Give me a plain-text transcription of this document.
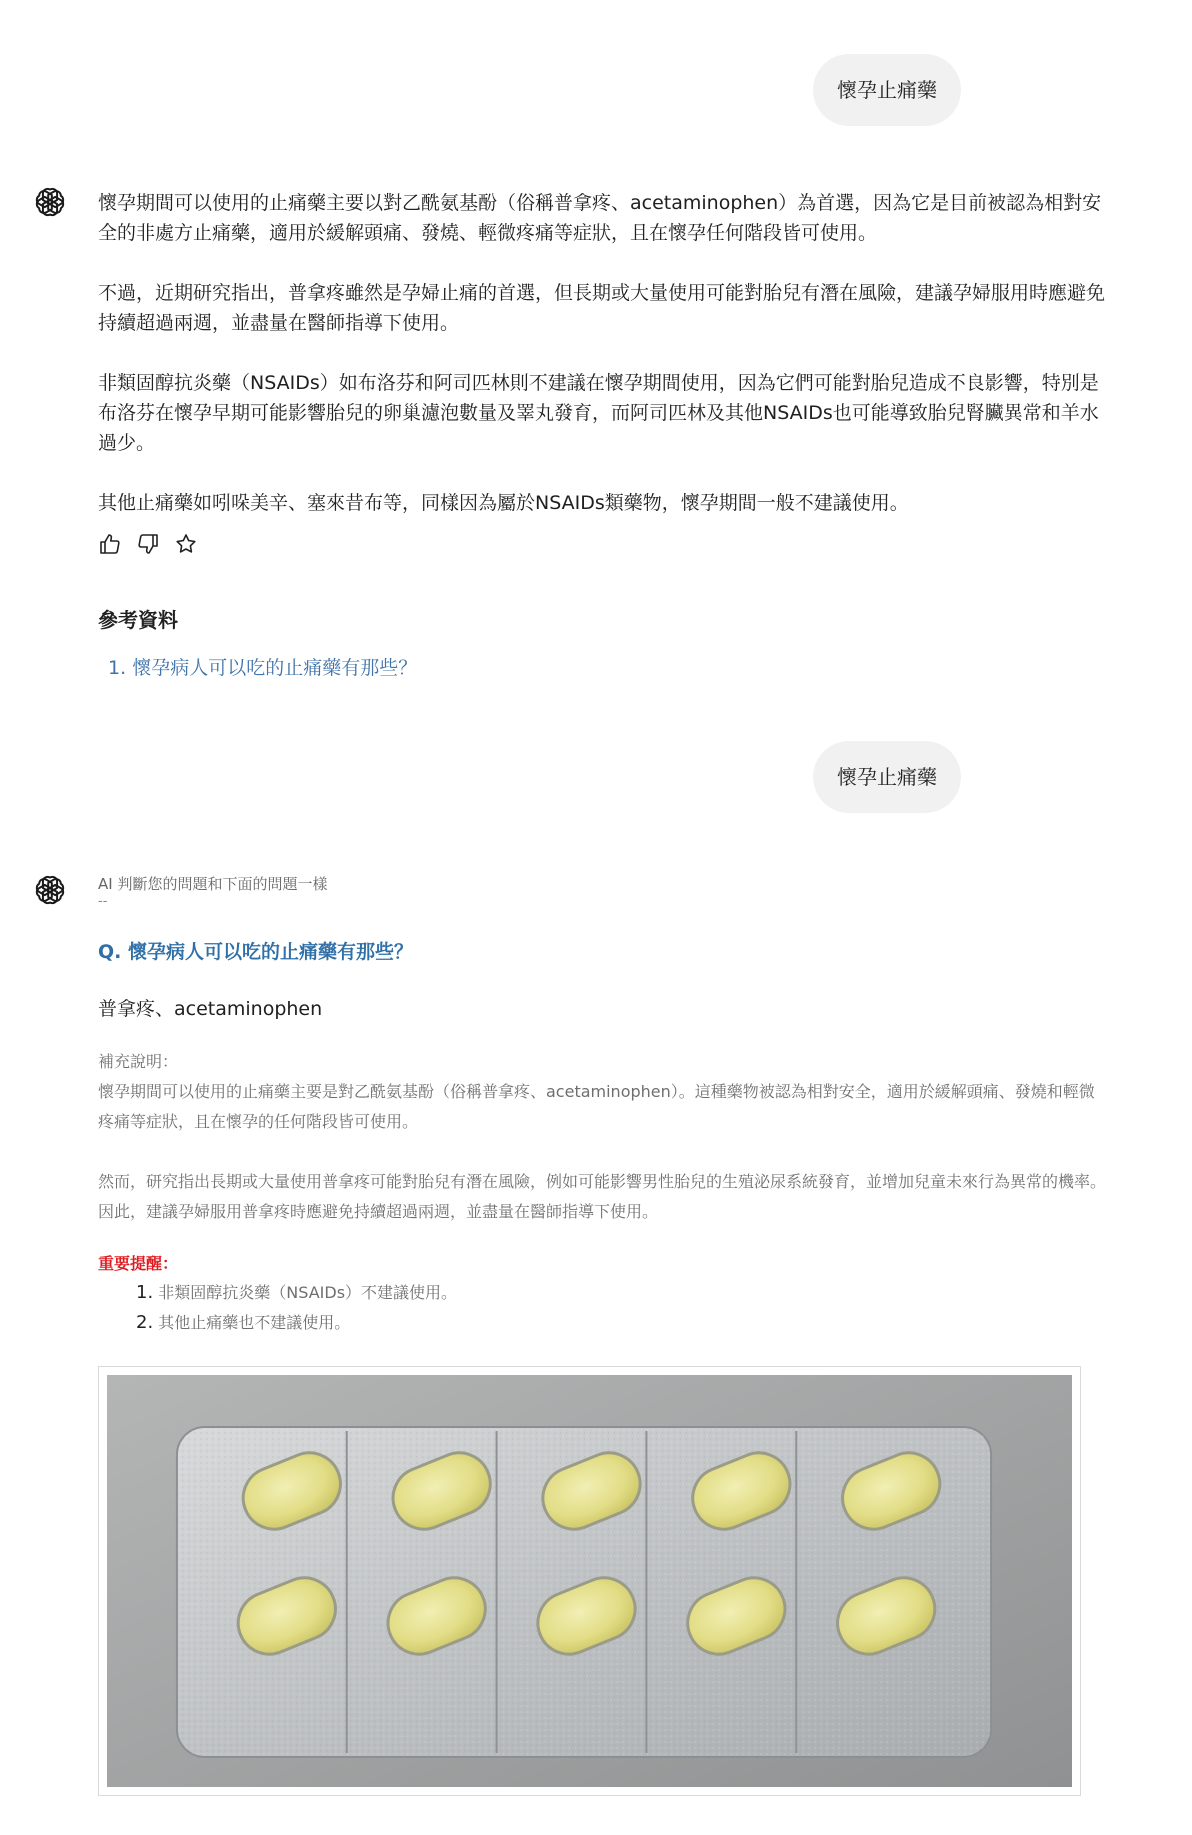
懷孕止痛藥

懷孕期間可以使用的止痛藥主要以對乙酰氨基酚（俗稱普拿疼、acetaminophen）為首選，因為它是目前被認為相對安全的非處方止痛藥，適用於緩解頭痛、發燒、輕微疼痛等症狀，且在懷孕任何階段皆可使用。

不過，近期研究指出，普拿疼雖然是孕婦止痛的首選，但長期或大量使用可能對胎兒有潛在風險，建議孕婦服用時應避免持續超過兩週，並盡量在醫師指導下使用。

非類固醇抗炎藥（NSAIDs）如布洛芬和阿司匹林則不建議在懷孕期間使用，因為它們可能對胎兒造成不良影響，特別是布洛芬在懷孕早期可能影響胎兒的卵巢濾泡數量及睪丸發育，而阿司匹林及其他NSAIDs也可能導致胎兒腎臟異常和羊水過少。

其他止痛藥如吲哚美辛、塞來昔布等，同樣因為屬於NSAIDs類藥物，懷孕期間一般不建議使用。

參考資料
1. 懷孕病人可以吃的止痛藥有那些？
懷孕止痛藥
AI 判斷您的問題和下面的問題一樣
--
Q. 懷孕病人可以吃的止痛藥有那些？
普拿疼、acetaminophen

補充說明：
懷孕期間可以使用的止痛藥主要是對乙酰氨基酚（俗稱普拿疼、acetaminophen）。這種藥物被認為相對安全，適用於緩解頭痛、發燒和輕微疼痛等症狀，且在懷孕的任何階段皆可使用。

然而，研究指出長期或大量使用普拿疼可能對胎兒有潛在風險，例如可能影響男性胎兒的生殖泌尿系統發育，並增加兒童未來行為異常的機率。因此，建議孕婦服用普拿疼時應避免持續超過兩週，並盡量在醫師指導下使用。

重要提醒：
1. 非類固醇抗炎藥（NSAIDs）不建議使用。
2. 其他止痛藥也不建議使用。
